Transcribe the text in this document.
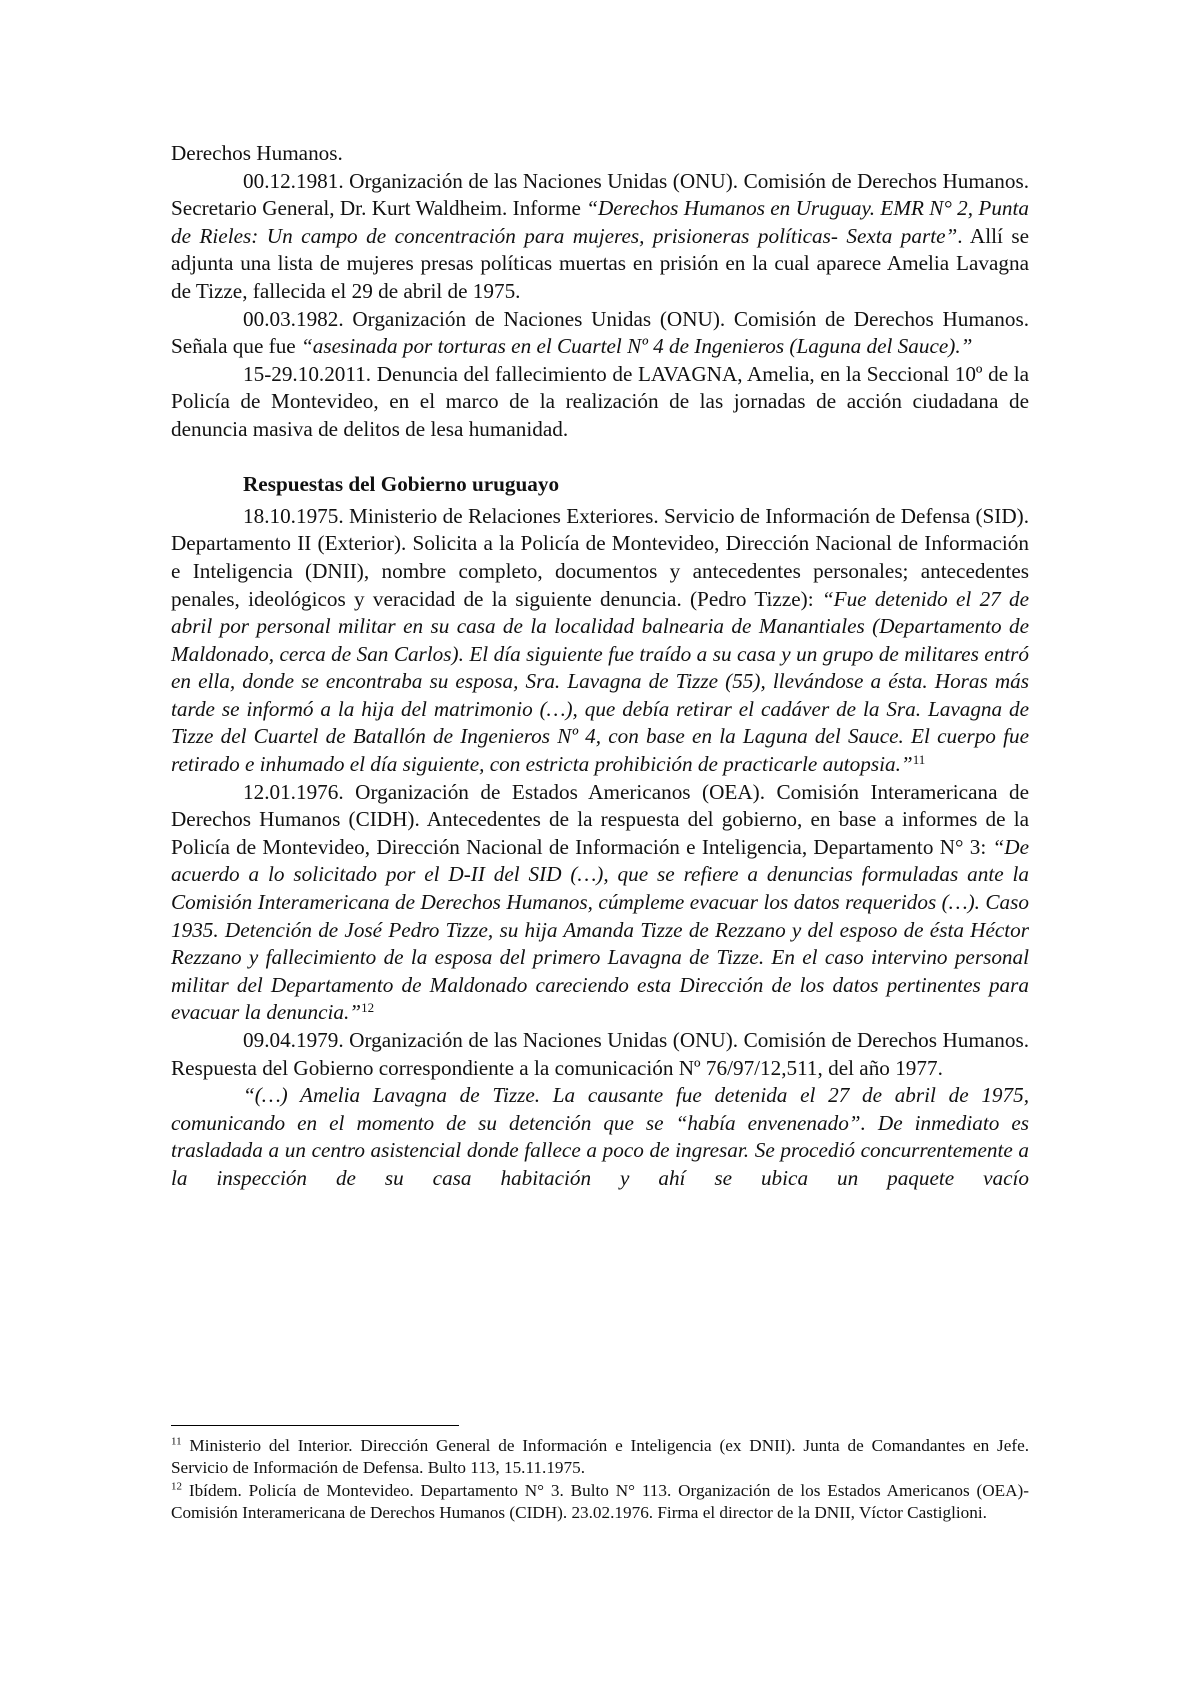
Derechos Humanos.

00.12.1981. Organización de las Naciones Unidas (ONU). Comisión de Derechos Humanos. Secretario General, Dr. Kurt Waldheim. Informe “Derechos Humanos en Uruguay. EMR N° 2, Punta de Rieles: Un campo de concentración para mujeres, prisioneras políticas- Sexta parte”. Allí se adjunta una lista de mujeres presas políticas muertas en prisión en la cual aparece Amelia Lavagna de Tizze, fallecida el 29 de abril de 1975.

00.03.1982. Organización de Naciones Unidas (ONU). Comisión de Derechos Humanos. Señala que fue “asesinada por torturas en el Cuartel Nº 4 de Ingenieros (Laguna del Sauce).”

15-29.10.2011. Denuncia del fallecimiento de LAVAGNA, Amelia, en la Seccional 10º de la Policía de Montevideo, en el marco de la realización de las jornadas de acción ciudadana de denuncia masiva de delitos de lesa humanidad.

Respuestas del Gobierno uruguayo

18.10.1975. Ministerio de Relaciones Exteriores. Servicio de Información de Defensa (SID). Departamento II (Exterior). Solicita a la Policía de Montevideo, Dirección Nacional de Información e Inteligencia (DNII), nombre completo, documentos y antecedentes personales; antecedentes penales, ideológicos y veracidad de la siguiente denuncia. (Pedro Tizze): “Fue detenido el 27 de abril por personal militar en su casa de la localidad balnearia de Manantiales (Departamento de Maldonado, cerca de San Carlos). El día siguiente fue traído a su casa y un grupo de militares entró en ella, donde se encontraba su esposa, Sra. Lavagna de Tizze (55), llevándose a ésta. Horas más tarde se informó a la hija del matrimonio (…), que debía retirar el cadáver de la Sra. Lavagna de Tizze del Cuartel de Batallón de Ingenieros Nº 4, con base en la Laguna del Sauce. El cuerpo fue retirado e inhumado el día siguiente, con estricta prohibición de practicarle autopsia.”$^{11}$

12.01.1976. Organización de Estados Americanos (OEA). Comisión Interamericana de Derechos Humanos (CIDH). Antecedentes de la respuesta del gobierno, en base a informes de la Policía de Montevideo, Dirección Nacional de Información e Inteligencia, Departamento N° 3: “De acuerdo a lo solicitado por el D-II del SID (…), que se refiere a denuncias formuladas ante la Comisión Interamericana de Derechos Humanos, cúmpleme evacuar los datos requeridos (…). Caso 1935. Detención de José Pedro Tizze, su hija Amanda Tizze de Rezzano y del esposo de ésta Héctor Rezzano y fallecimiento de la esposa del primero Lavagna de Tizze. En el caso intervino personal militar del Departamento de Maldonado careciendo esta Dirección de los datos pertinentes para evacuar la denuncia.”$^{12}$

09.04.1979. Organización de las Naciones Unidas (ONU). Comisión de Derechos Humanos. Respuesta del Gobierno correspondiente a la comunicación Nº 76/97/12,511, del año 1977.

“(…) Amelia Lavagna de Tizze. La causante fue detenida el 27 de abril de 1975, comunicando en el momento de su detención que se “había envenenado”. De inmediato es trasladada a un centro asistencial donde fallece a poco de ingresar. Se procedió concurrentemente a la inspección de su casa habitación y ahí se ubica un paquete vacío

$^{11}$ Ministerio del Interior. Dirección General de Información e Inteligencia (ex DNII). Junta de Comandantes en Jefe. Servicio de Información de Defensa. Bulto 113, 15.11.1975.

$^{12}$ Ibídem. Policía de Montevideo. Departamento N° 3. Bulto N° 113. Organización de los Estados Americanos (OEA)- Comisión Interamericana de Derechos Humanos (CIDH). 23.02.1976. Firma el director de la DNII, Víctor Castiglioni.
